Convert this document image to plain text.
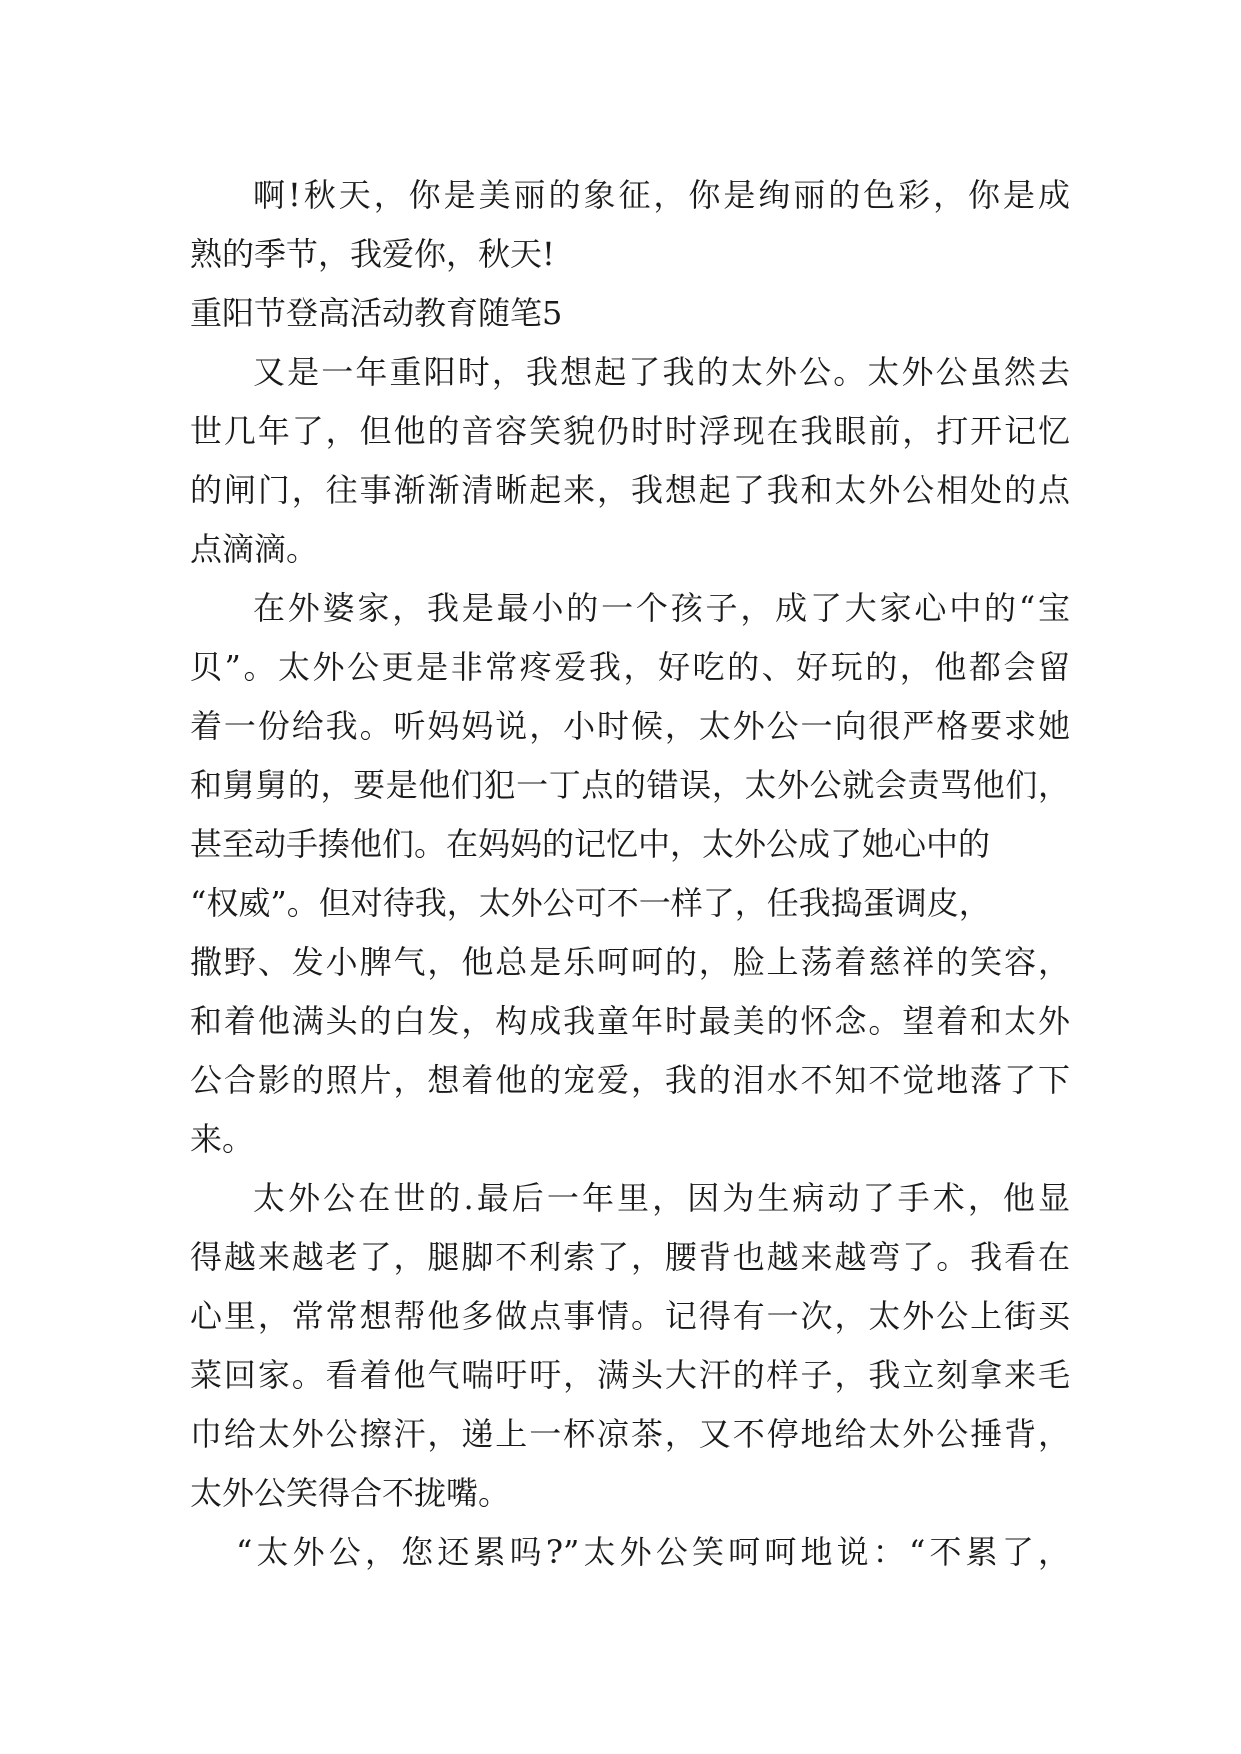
啊!秋天，你是美丽的象征，你是绚丽的色彩，你是成
熟的季节，我爱你，秋天!
重阳节登高活动教育随笔5
又是一年重阳时，我想起了我的太外公。太外公虽然去
世几年了，但他的音容笑貌仍时时浮现在我眼前，打开记忆
的闸门，往事渐渐清晰起来，我想起了我和太外公相处的点
点滴滴。
在外婆家，我是最小的一个孩子，成了大家心中的“宝
贝”。太外公更是非常疼爱我，好吃的、好玩的，他都会留
着一份给我。听妈妈说，小时候，太外公一向很严格要求她
和舅舅的，要是他们犯一丁点的错误，太外公就会责骂他们，
甚至动手揍他们。在妈妈的记忆中，太外公成了她心中的
“权威”。但对待我，太外公可不一样了，任我捣蛋调皮，
撒野、发小脾气，他总是乐呵呵的，脸上荡着慈祥的笑容，
和着他满头的白发，构成我童年时最美的怀念。望着和太外
公合影的照片，想着他的宠爱，我的泪水不知不觉地落了下
来。
太外公在世的.最后一年里，因为生病动了手术，他显
得越来越老了，腿脚不利索了，腰背也越来越弯了。我看在
心里，常常想帮他多做点事情。记得有一次，太外公上街买
菜回家。看着他气喘吁吁，满头大汗的样子，我立刻拿来毛
巾给太外公擦汗，递上一杯凉茶，又不停地给太外公捶背，
太外公笑得合不拢嘴。
“太外公，您还累吗?”太外公笑呵呵地说：“不累了，
